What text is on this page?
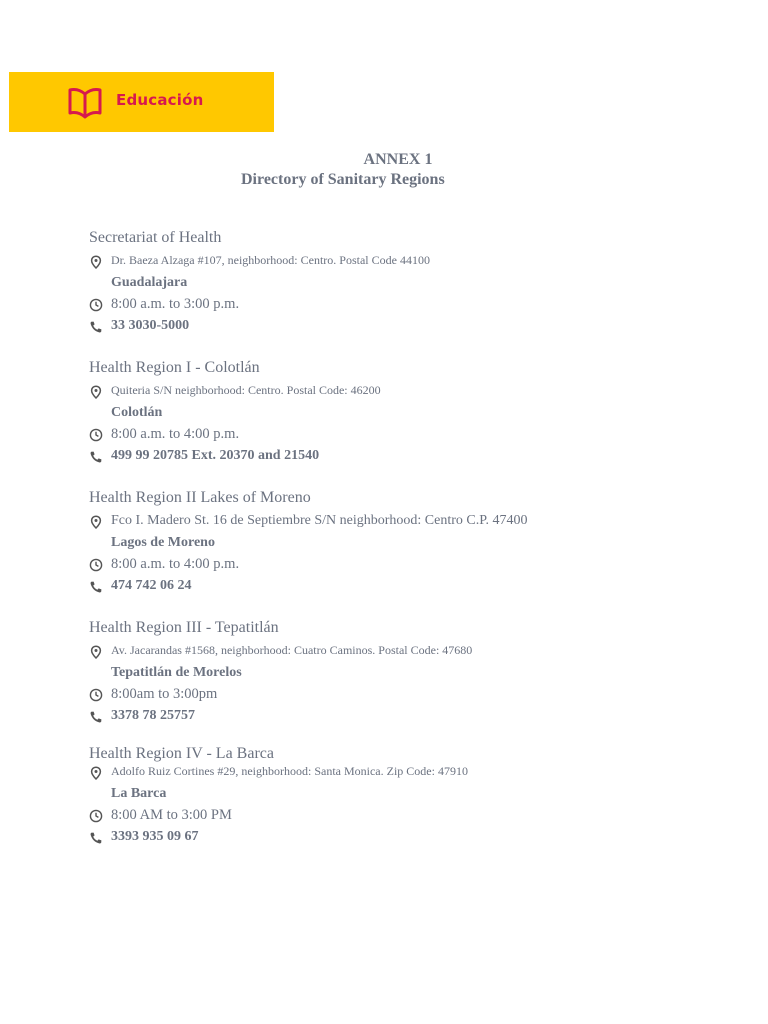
Educación
ANNEX 1
Directory of Sanitary Regions
Secretariat of Health
Dr. Baeza Alzaga #107, neighborhood: Centro. Postal Code 44100
Guadalajara
8:00 a.m. to 3:00 p.m.
33 3030-5000
Health Region I - Colotlán
Quiteria S/N neighborhood: Centro. Postal Code: 46200
Colotlán
8:00 a.m. to 4:00 p.m.
499 99 20785 Ext. 20370 and 21540
Health Region II Lakes of Moreno
Fco I. Madero St. 16 de Septiembre S/N neighborhood: Centro C.P. 47400
Lagos de Moreno
8:00 a.m. to 4:00 p.m.
474 742 06 24
Health Region III - Tepatitlán
Av. Jacarandas #1568, neighborhood: Cuatro Caminos. Postal Code: 47680
Tepatitlán de Morelos
8:00am to 3:00pm
3378 78 25757
Health Region IV - La Barca
Adolfo Ruiz Cortines #29, neighborhood: Santa Monica. Zip Code: 47910
La Barca
8:00 AM to 3:00 PM
3393 935 09 67
